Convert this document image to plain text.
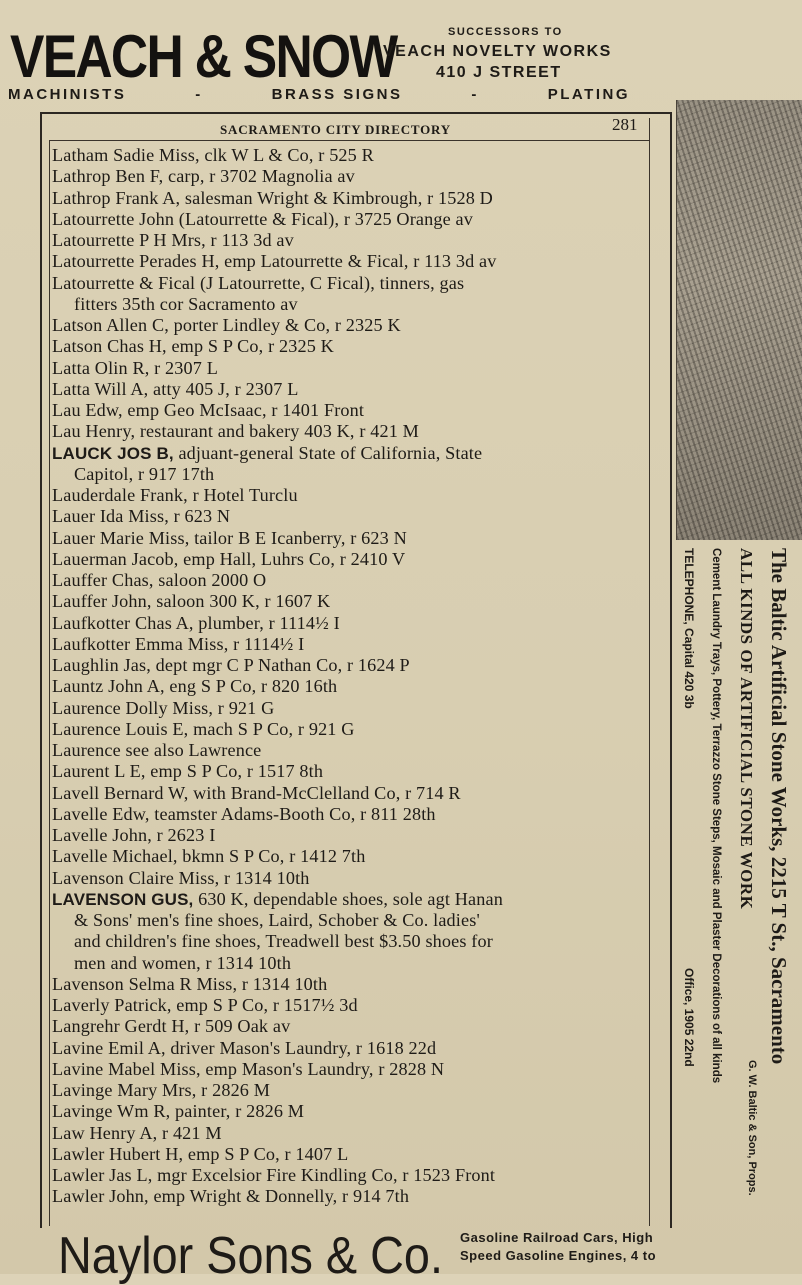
VEACH & SNOW	SUCCESSORS TO
VEACH NOVELTY WORKS
410 J STREET
MACHINISTS	-	BRASS SIGNS	-	PLATING
SACRAMENTO CITY DIRECTORY	281
Latham Sadie Miss, clk W L & Co, r 525 R
Lathrop Ben F, carp, r 3702 Magnolia av
Lathrop Frank A, salesman Wright & Kimbrough, r 1528 D
Latourrette John (Latourrette & Fical), r 3725 Orange av
Latourrette P H Mrs, r 113 3d av
Latourrette Perades H, emp Latourrette & Fical, r 113 3d av
Latourrette & Fical (J Latourrette, C Fical), tinners, gas
fitters 35th cor Sacramento av
Latson Allen C, porter Lindley & Co, r 2325 K
Latson Chas H, emp S P Co, r 2325 K
Latta Olin R, r 2307 L
Latta Will A, atty 405 J, r 2307 L
Lau Edw, emp Geo McIsaac, r 1401 Front
Lau Henry, restaurant and bakery 403 K, r 421 M
LAUCK JOS B, adjuant-general State of California, State
Capitol, r 917 17th
Lauderdale Frank, r Hotel Turclu
Lauer Ida Miss, r 623 N
Lauer Marie Miss, tailor B E Icanberry, r 623 N
Lauerman Jacob, emp Hall, Luhrs Co, r 2410 V
Lauffer Chas, saloon 2000 O
Lauffer John, saloon 300 K, r 1607 K
Laufkotter Chas A, plumber, r 1114½ I
Laufkotter Emma Miss, r 1114½ I
Laughlin Jas, dept mgr C P Nathan Co, r 1624 P
Launtz John A, eng S P Co, r 820 16th
Laurence Dolly Miss, r 921 G
Laurence Louis E, mach S P Co, r 921 G
Laurence see also Lawrence
Laurent L E, emp S P Co, r 1517 8th
Lavell Bernard W, with Brand-McClelland Co, r 714 R
Lavelle Edw, teamster Adams-Booth Co, r 811 28th
Lavelle John, r 2623 I
Lavelle Michael, bkmn S P Co, r 1412 7th
Lavenson Claire Miss, r 1314 10th
LAVENSON GUS, 630 K, dependable shoes, sole agt Hanan
& Sons' men's fine shoes, Laird, Schober & Co. ladies'
and children's fine shoes, Treadwell best $3.50 shoes for
men and women, r 1314 10th
Lavenson Selma R Miss, r 1314 10th
Laverly Patrick, emp S P Co, r 1517½ 3d
Langrehr Gerdt H, r 509 Oak av
Lavine Emil A, driver Mason's Laundry, r 1618 22d
Lavine Mabel Miss, emp Mason's Laundry, r 2828 N
Lavinge Mary Mrs, r 2826 M
Lavinge Wm R, painter, r 2826 M
Law Henry A, r 421 M
Lawler Hubert H, emp S P Co, r 1407 L
Lawler Jas L, mgr Excelsior Fire Kindling Co, r 1523 Front
Lawler John, emp Wright & Donnelly, r 914 7th
Naylor Sons & Co. Gasoline Railroad Cars, High
Speed Gasoline Engines, 4 to
The Baltic Artificial Stone Works, 2215 T St., Sacramento
ALL KINDS OF ARTIFICIAL STONE WORK
G. W. Baltic & Son, Props.
Cement Laundry Trays, Pottery, Terrazzo Stone Steps, Mosaic and Plaster Decorations of all kinds
TELEPHONE, Capital 420 3b
Office, 1905 22nd
